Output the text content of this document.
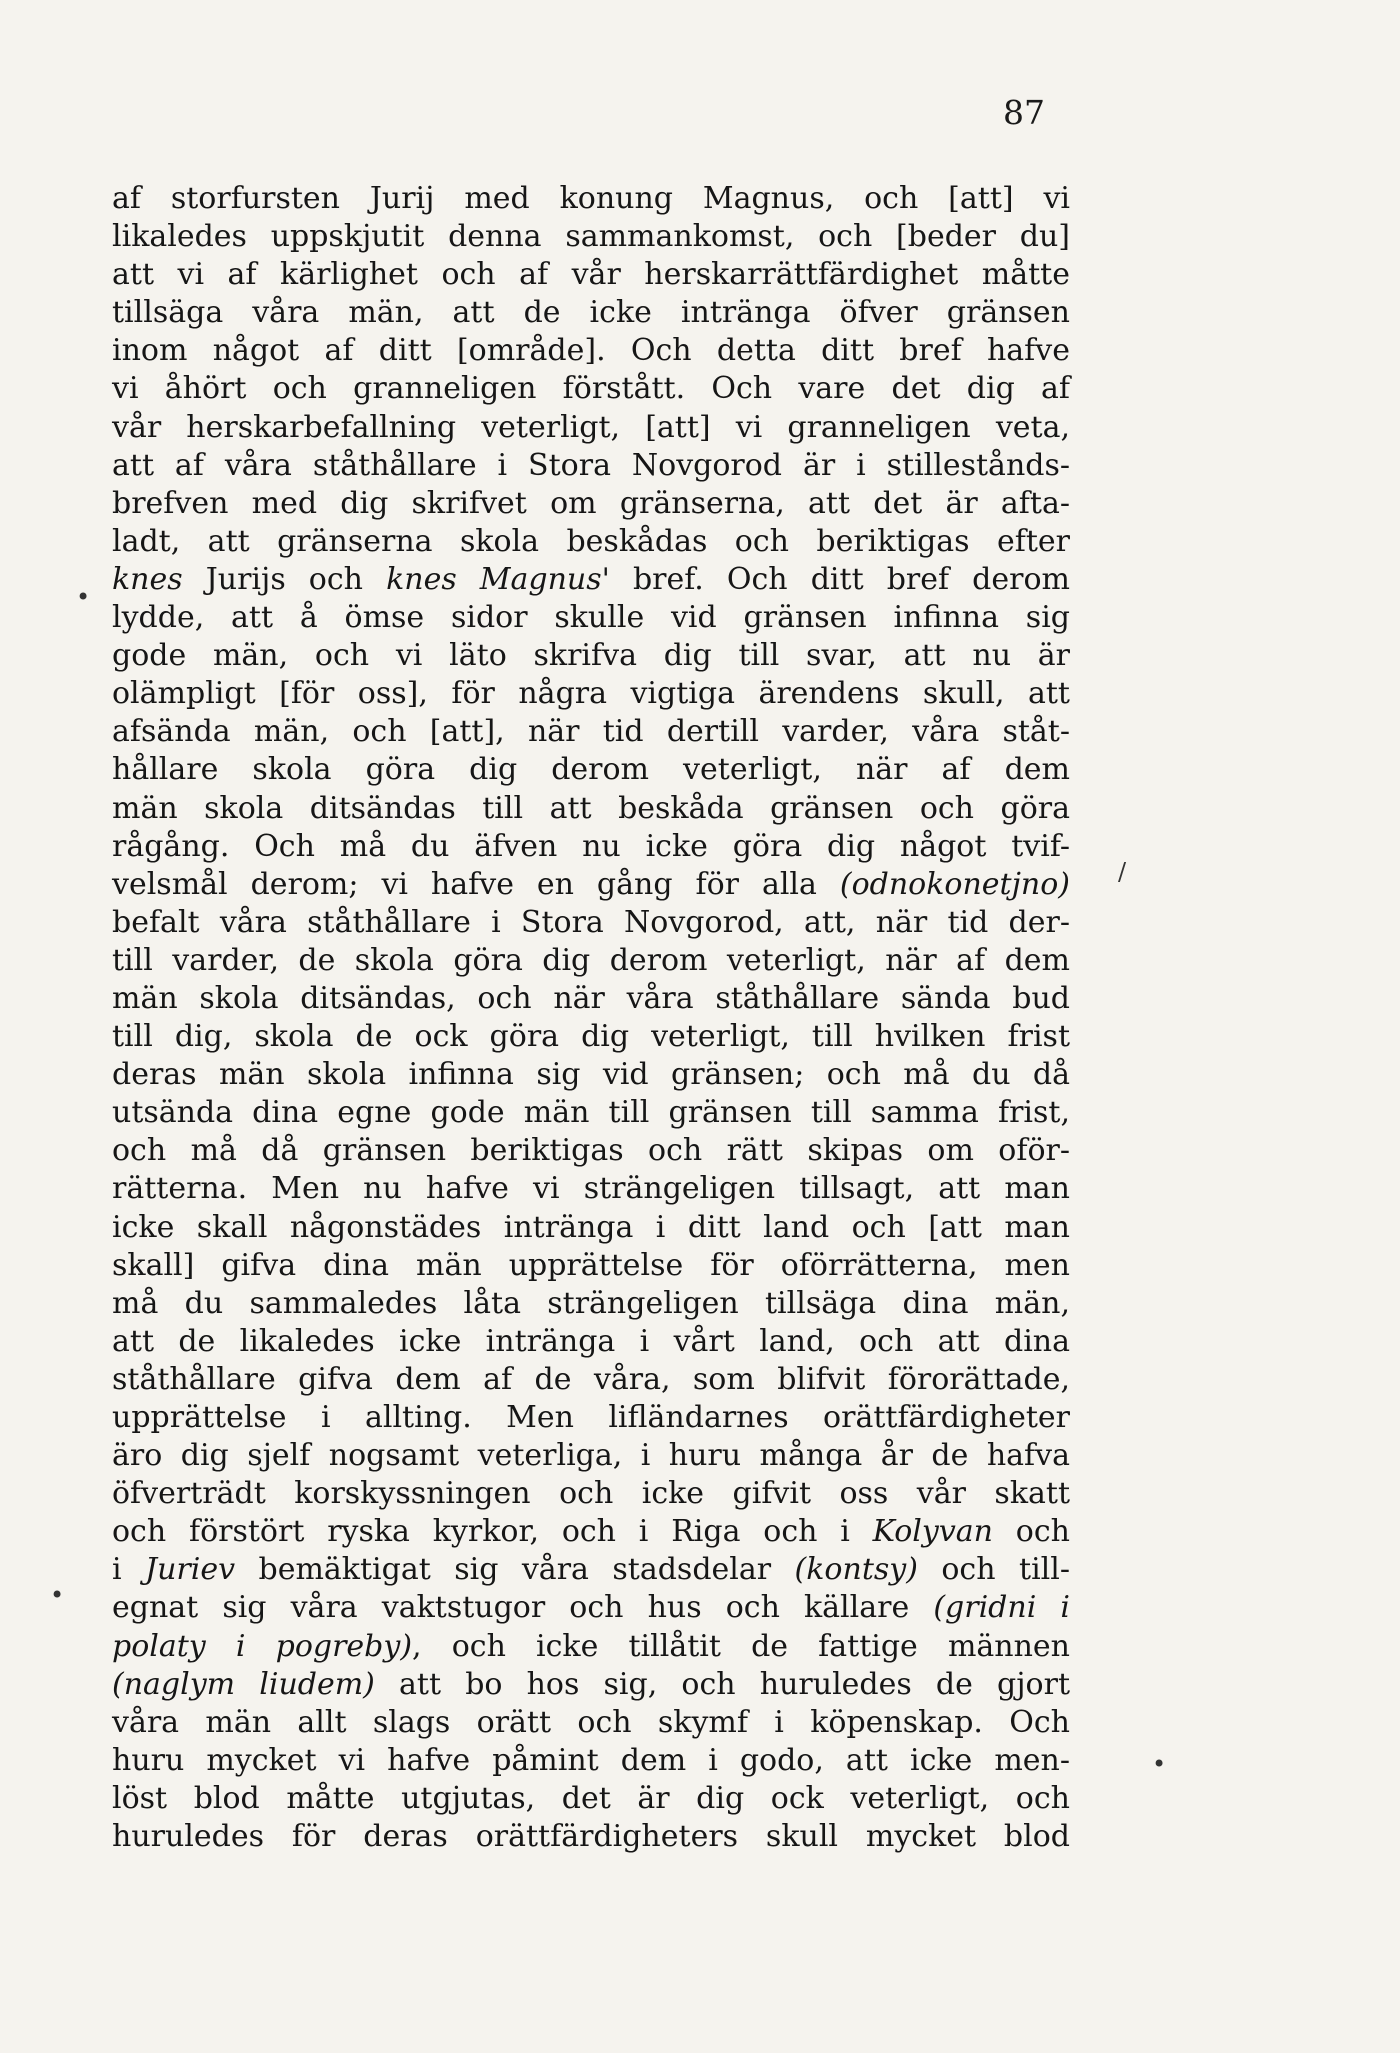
87
af storfursten Jurij med konung Magnus, och [att] vi
likaledes uppskjutit denna sammankomst, och [beder du]
att vi af kärlighet och af vår herskarrättfärdighet måtte
tillsäga våra män, att de icke intränga öfver gränsen
inom något af ditt [område]. Och detta ditt bref hafve
vi åhört och granneligen förstått. Och vare det dig af
vår herskarbefallning veterligt, [att] vi granneligen veta,
att af våra ståthållare i Stora Novgorod är i stillestånds-
brefven med dig skrifvet om gränserna, att det är afta-
ladt, att gränserna skola beskådas och beriktigas efter
knes Jurijs och knes Magnus' bref. Och ditt bref derom
lydde, att å ömse sidor skulle vid gränsen infinna sig
gode män, och vi läto skrifva dig till svar, att nu är
olämpligt [för oss], för några vigtiga ärendens skull, att
afsända män, och [att], när tid dertill varder, våra ståt-
hållare skola göra dig derom veterligt, när af dem
män skola ditsändas till att beskåda gränsen och göra
rågång. Och må du äfven nu icke göra dig något tvif-
velsmål derom; vi hafve en gång för alla (odnokonetjno)
befalt våra ståthållare i Stora Novgorod, att, när tid der-
till varder, de skola göra dig derom veterligt, när af dem
män skola ditsändas, och när våra ståthållare sända bud
till dig, skola de ock göra dig veterligt, till hvilken frist
deras män skola infinna sig vid gränsen; och må du då
utsända dina egne gode män till gränsen till samma frist,
och må då gränsen beriktigas och rätt skipas om oför-
rätterna. Men nu hafve vi strängeligen tillsagt, att man
icke skall någonstädes intränga i ditt land och [att man
skall] gifva dina män upprättelse för oförrätterna, men
må du sammaledes låta strängeligen tillsäga dina män,
att de likaledes icke intränga i vårt land, och att dina
ståthållare gifva dem af de våra, som blifvit förorättade,
upprättelse i allting. Men lifländarnes orättfärdigheter
äro dig sjelf nogsamt veterliga, i huru många år de hafva
öfverträdt korskyssningen och icke gifvit oss vår skatt
och förstört ryska kyrkor, och i Riga och i Kolyvan och
i Juriev bemäktigat sig våra stadsdelar (kontsy) och till-
egnat sig våra vaktstugor och hus och källare (gridni i
polaty i pogreby), och icke tillåtit de fattige männen
(naglym liudem) att bo hos sig, och huruledes de gjort
våra män allt slags orätt och skymf i köpenskap. Och
huru mycket vi hafve påmint dem i godo, att icke men-
löst blod måtte utgjutas, det är dig ock veterligt, och
huruledes för deras orättfärdigheters skull mycket blod
•
/
•
•
